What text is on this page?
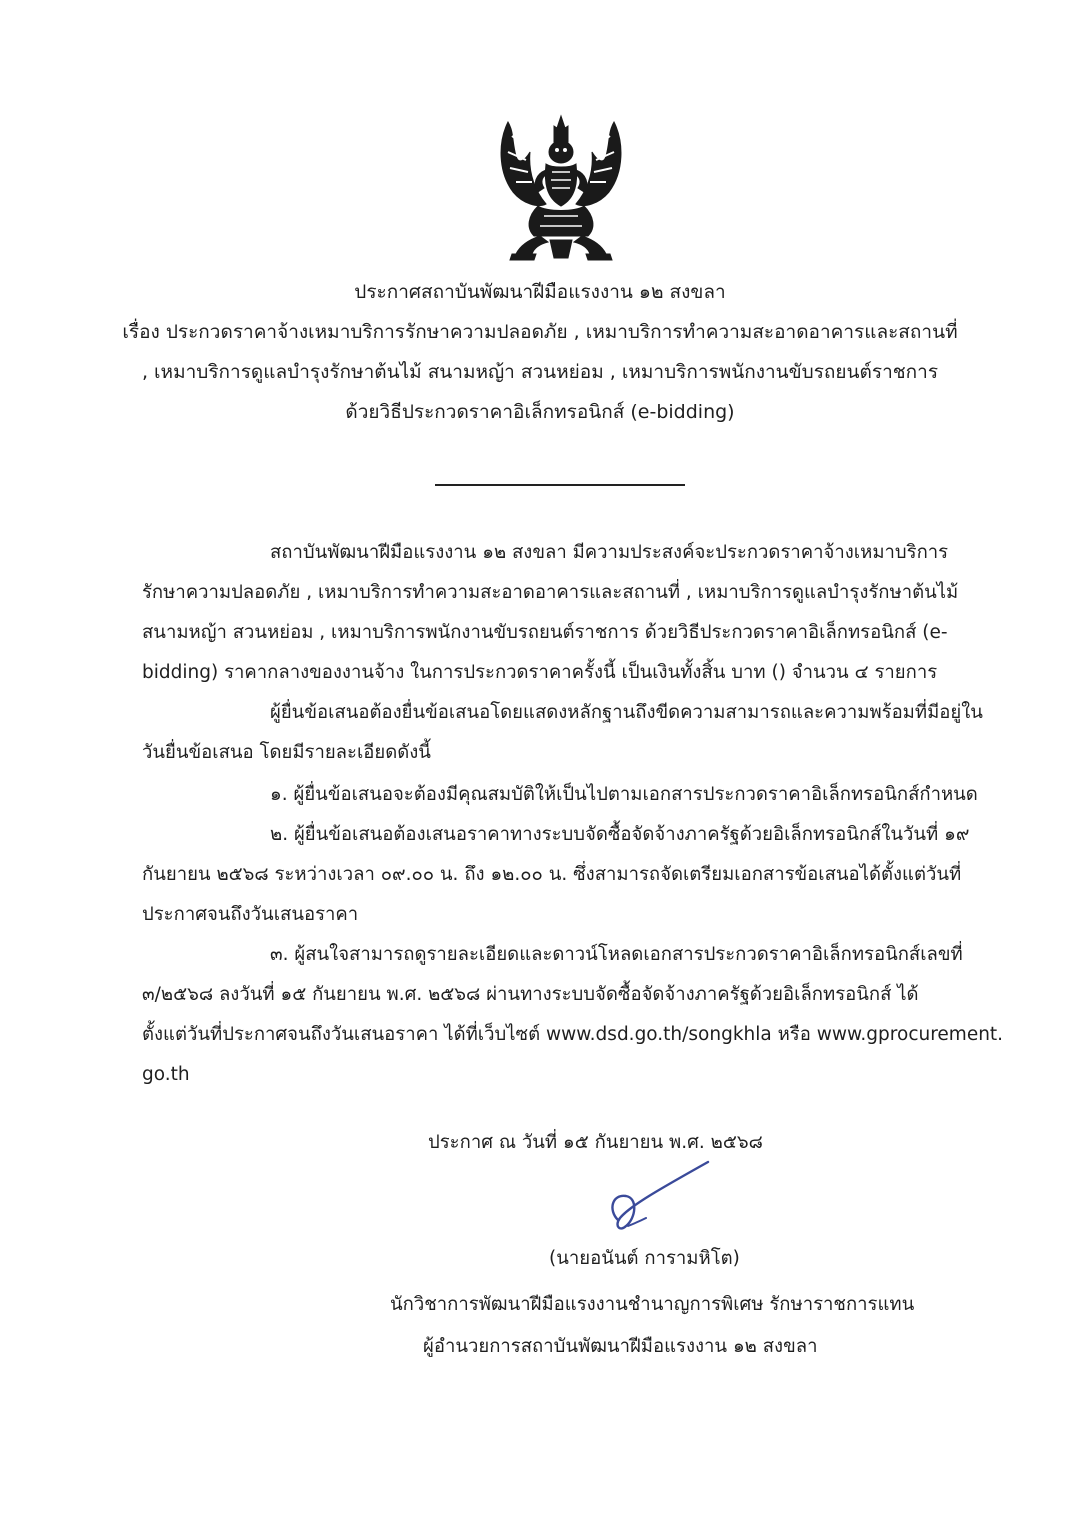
ประกาศสถาบันพัฒนาฝีมือแรงงาน ๑๒ สงขลา
เรื่อง ประกวดราคาจ้างเหมาบริการรักษาความปลอดภัย , เหมาบริการทำความสะอาดอาคารและสถานที่
, เหมาบริการดูแลบำรุงรักษาต้นไม้ สนามหญ้า สวนหย่อม , เหมาบริการพนักงานขับรถยนต์ราชการ
ด้วยวิธีประกวดราคาอิเล็กทรอนิกส์ (e-bidding)
สถาบันพัฒนาฝีมือแรงงาน ๑๒ สงขลา มีความประสงค์จะประกวดราคาจ้างเหมาบริการ
รักษาความปลอดภัย , เหมาบริการทำความสะอาดอาคารและสถานที่ , เหมาบริการดูแลบำรุงรักษาต้นไม้
สนามหญ้า สวนหย่อม , เหมาบริการพนักงานขับรถยนต์ราชการ ด้วยวิธีประกวดราคาอิเล็กทรอนิกส์ (e-
bidding) ราคากลางของงานจ้าง ในการประกวดราคาครั้งนี้ เป็นเงินทั้งสิ้น บาท () จำนวน ๔ รายการ
ผู้ยื่นข้อเสนอต้องยื่นข้อเสนอโดยแสดงหลักฐานถึงขีดความสามารถและความพร้อมที่มีอยู่ใน
วันยื่นข้อเสนอ โดยมีรายละเอียดดังนี้
๑. ผู้ยื่นข้อเสนอจะต้องมีคุณสมบัติให้เป็นไปตามเอกสารประกวดราคาอิเล็กทรอนิกส์กำหนด
๒. ผู้ยื่นข้อเสนอต้องเสนอราคาทางระบบจัดซื้อจัดจ้างภาครัฐด้วยอิเล็กทรอนิกส์ในวันที่ ๑๙
กันยายน ๒๕๖๘ ระหว่างเวลา ๐๙.๐๐ น. ถึง ๑๒.๐๐ น. ซึ่งสามารถจัดเตรียมเอกสารข้อเสนอได้ตั้งแต่วันที่
ประกาศจนถึงวันเสนอราคา
๓. ผู้สนใจสามารถดูรายละเอียดและดาวน์โหลดเอกสารประกวดราคาอิเล็กทรอนิกส์เลขที่
๓/๒๕๖๘ ลงวันที่ ๑๕ กันยายน พ.ศ. ๒๕๖๘ ผ่านทางระบบจัดซื้อจัดจ้างภาครัฐด้วยอิเล็กทรอนิกส์ ได้
ตั้งแต่วันที่ประกาศจนถึงวันเสนอราคา ได้ที่เว็บไซต์ www.dsd.go.th/songkhla หรือ www.gprocurement.
go.th
ประกาศ ณ วันที่ ๑๕ กันยายน พ.ศ. ๒๕๖๘
(นายอนันต์ การามหิโต)
นักวิชาการพัฒนาฝีมือแรงงานชำนาญการพิเศษ รักษาราชการแทน
ผู้อำนวยการสถาบันพัฒนาฝีมือแรงงาน ๑๒ สงขลา
